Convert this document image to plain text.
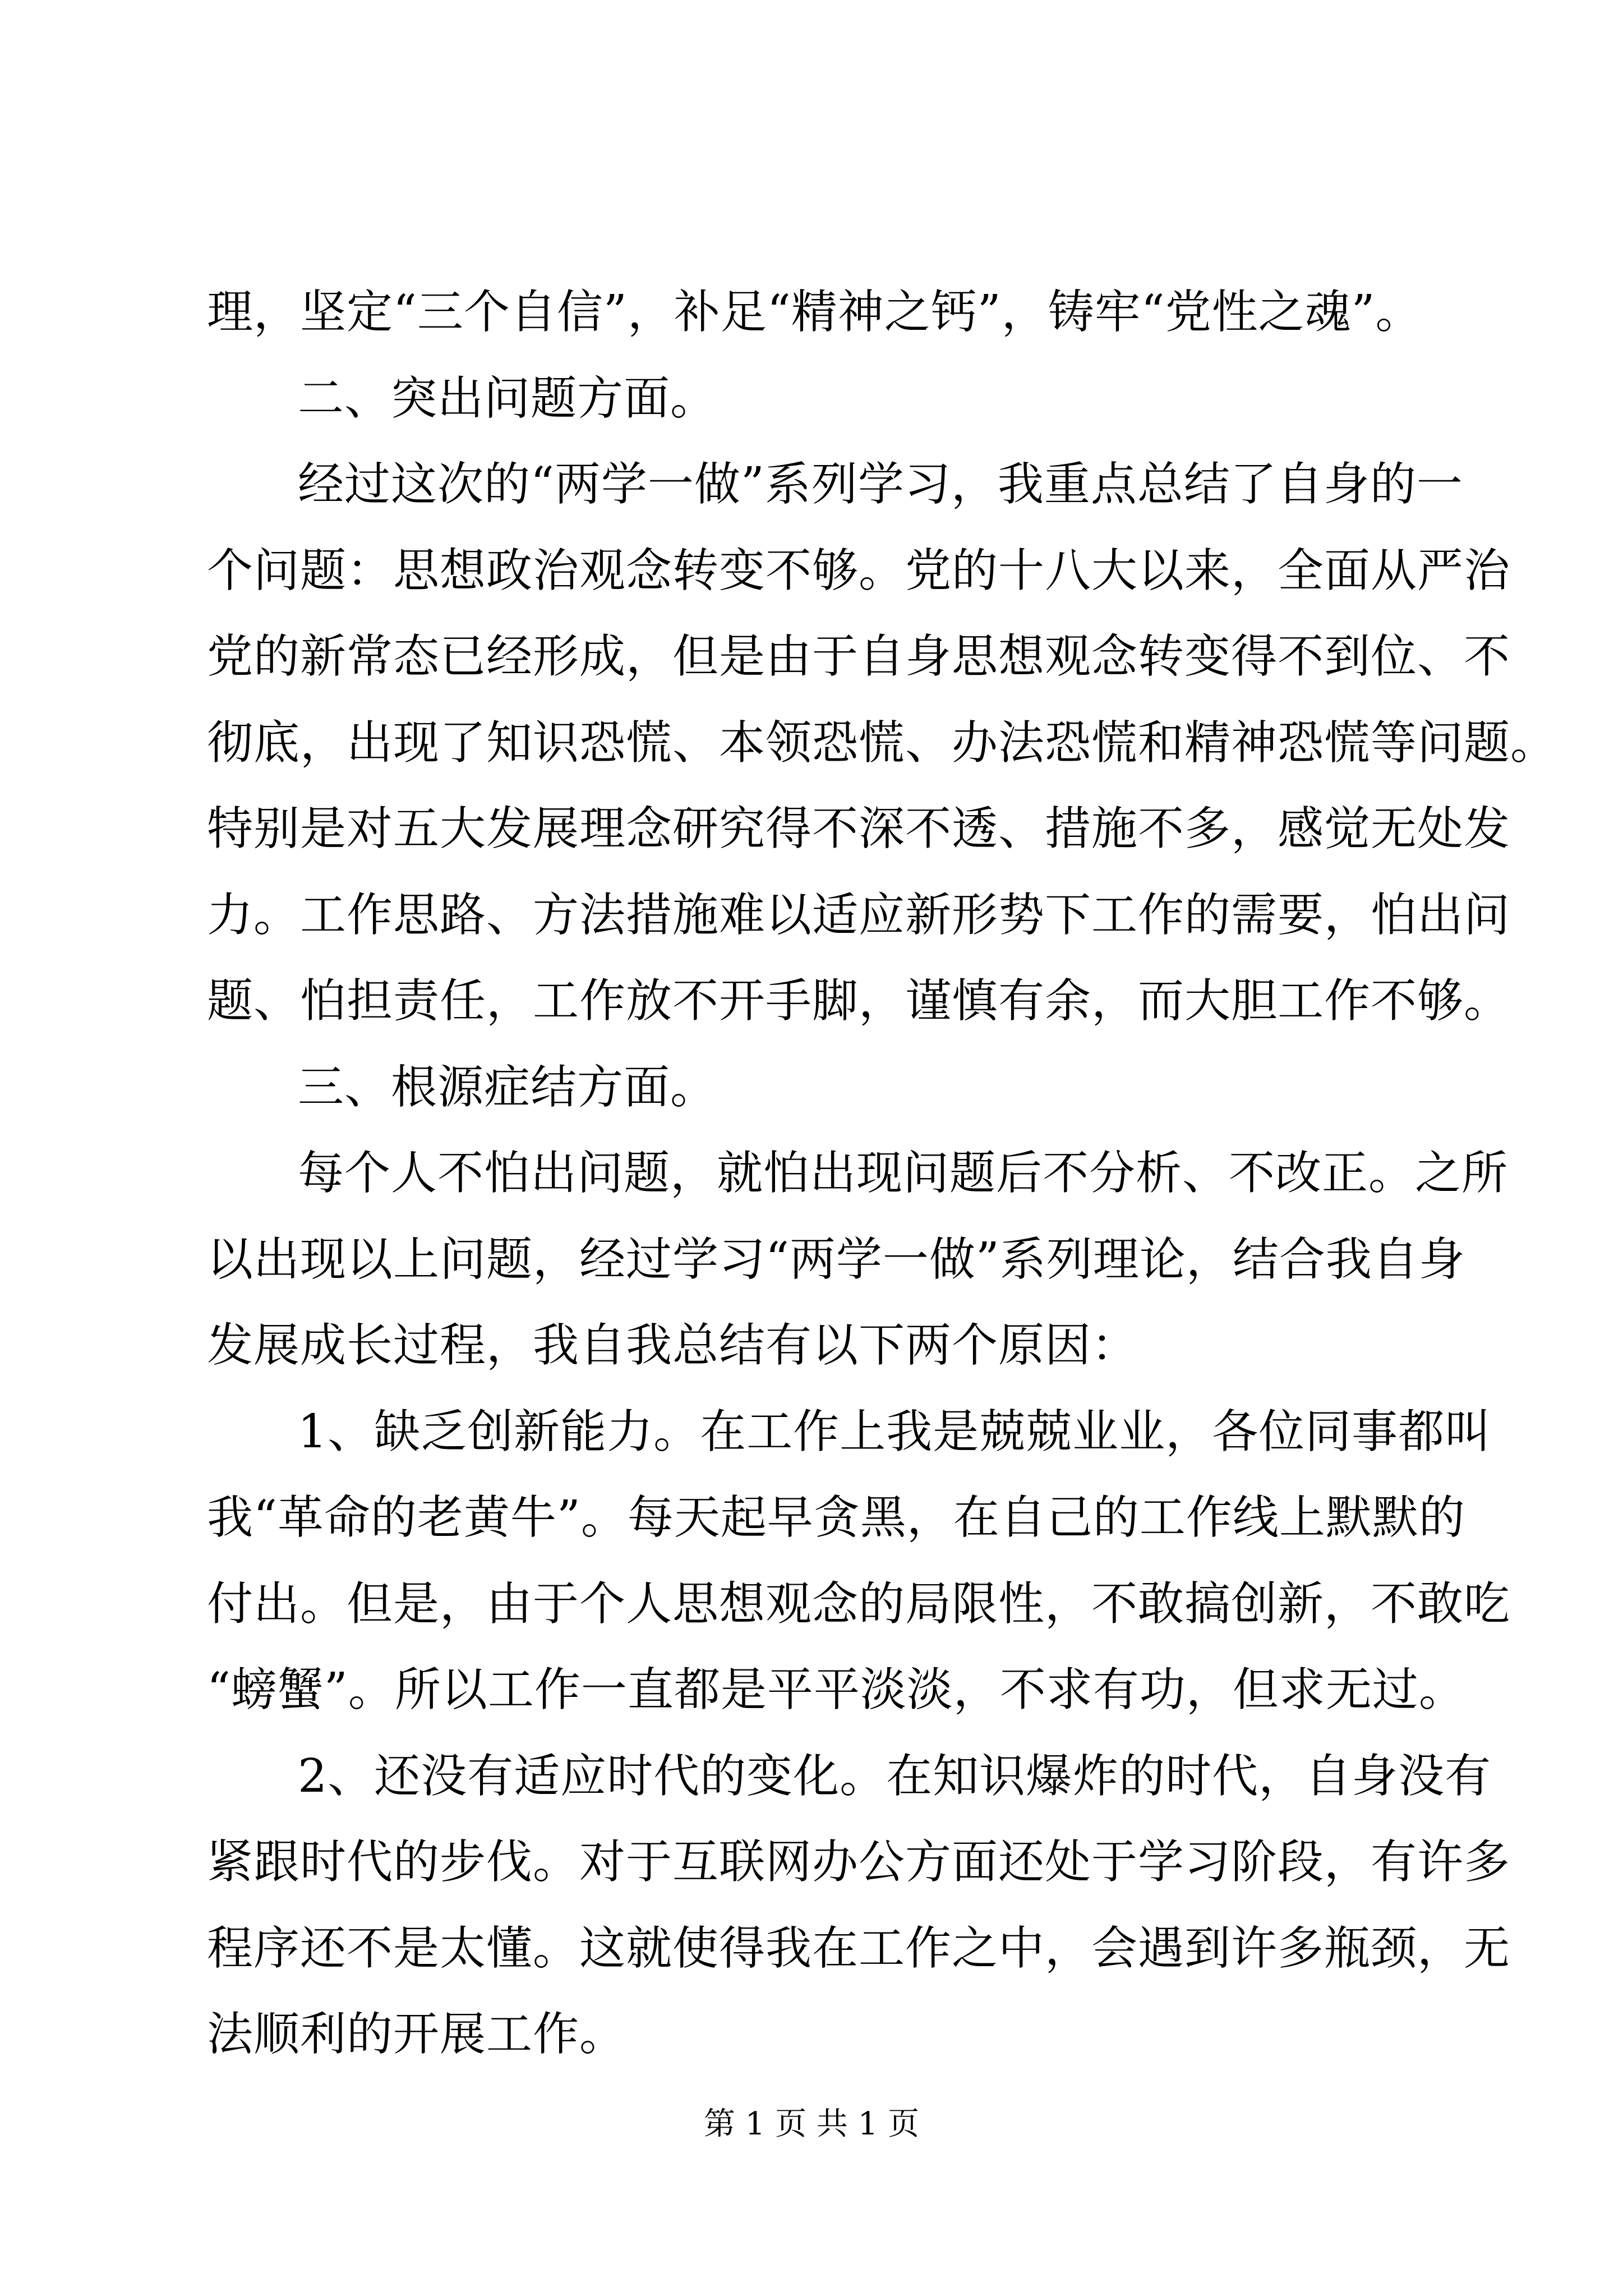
理，坚定“三个自信”，补足“精神之钙”，铸牢“党性之魂”。
二、突出问题方面。
经过这次的“两学一做”系列学习，我重点总结了自身的一
个问题：思想政治观念转变不够。党的十八大以来，全面从严治
党的新常态已经形成，但是由于自身思想观念转变得不到位、不
彻底，出现了知识恐慌、本领恐慌、办法恐慌和精神恐慌等问题。
特别是对五大发展理念研究得不深不透、措施不多，感觉无处发
力。工作思路、方法措施难以适应新形势下工作的需要，怕出问
题、怕担责任，工作放不开手脚，谨慎有余，而大胆工作不够。
三、根源症结方面。
每个人不怕出问题，就怕出现问题后不分析、不改正。之所
以出现以上问题，经过学习“两学一做”系列理论，结合我自身
发展成长过程，我自我总结有以下两个原因：
1、缺乏创新能力。在工作上我是兢兢业业，各位同事都叫
我“革命的老黄牛”。每天起早贪黑，在自己的工作线上默默的
付出。但是，由于个人思想观念的局限性，不敢搞创新，不敢吃
“螃蟹”。所以工作一直都是平平淡淡，不求有功，但求无过。
2、还没有适应时代的变化。在知识爆炸的时代，自身没有
紧跟时代的步伐。对于互联网办公方面还处于学习阶段，有许多
程序还不是太懂。这就使得我在工作之中，会遇到许多瓶颈，无
法顺利的开展工作。
第 1 页 共 1 页
